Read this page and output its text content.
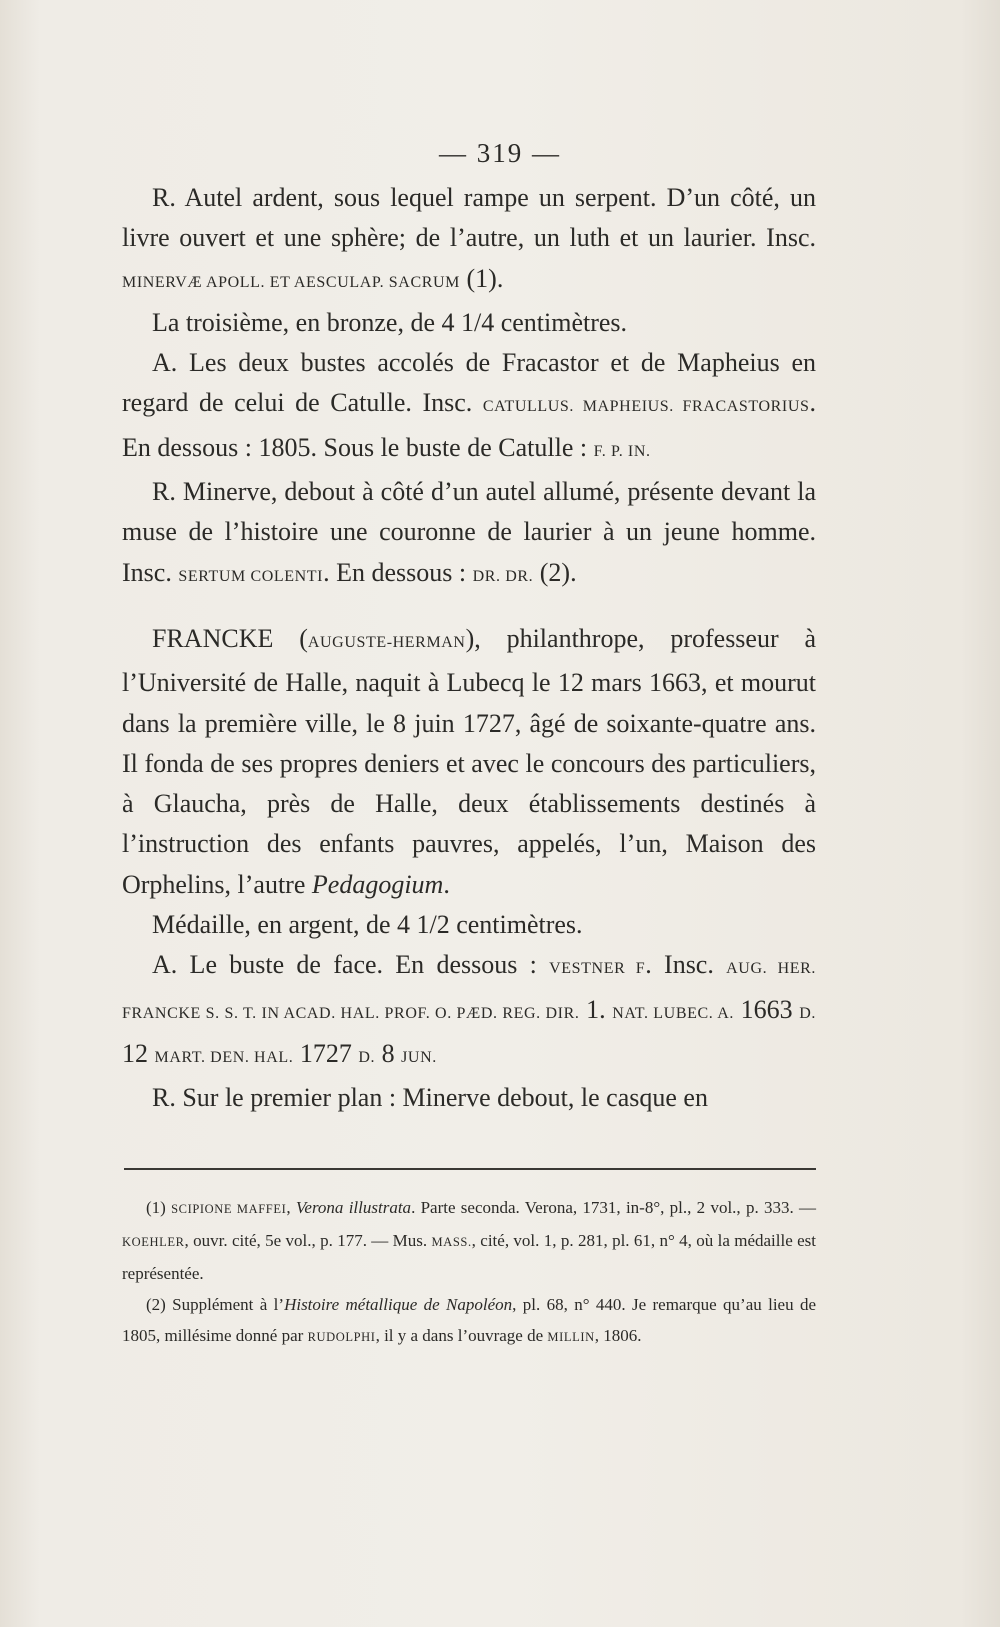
— 319 —

R. Autel ardent, sous lequel rampe un serpent. D’un côté, un livre ouvert et une sphère; de l’autre, un luth et un laurier. Insc. MINERVÆ APOLL. ET AESCULAP. SACRUM (1).

La troisième, en bronze, de 4 1/4 centimètres.

A. Les deux bustes accolés de Fracastor et de Mapheius en regard de celui de Catulle. Insc. CATULLUS. MAPHEIUS. FRACASTORIUS. En dessous : 1805. Sous le buste de Catulle : F. P. IN.

R. Minerve, debout à côté d’un autel allumé, présente devant la muse de l’histoire une couronne de laurier à un jeune homme. Insc. SERTUM COLENTI. En dessous : DR. DR. (2).

FRANCKE (AUGUSTE-HERMAN), philanthrope, professeur à l’Université de Halle, naquit à Lubecq le 12 mars 1663, et mourut dans la première ville, le 8 juin 1727, âgé de soixante-quatre ans. Il fonda de ses propres deniers et avec le concours des particuliers, à Glaucha, près de Halle, deux établissements destinés à l’instruction des enfants pauvres, appelés, l’un, Maison des Orphelins, l’autre Pedagogium.

Médaille, en argent, de 4 1/2 centimètres.

A. Le buste de face. En dessous : VESTNER F. Insc. AUG. HER. FRANCKE S. S. T. IN ACAD. HAL. PROF. O. PÆD. REG. DIR. 1. NAT. LUBEC. A. 1663 D. 12 MART. DEN. HAL. 1727 D. 8 JUN.

R. Sur le premier plan : Minerve debout, le casque en

(1) SCIPIONE MAFFEI, Verona illustrata. Parte seconda. Verona, 1731, in-8°, pl., 2 vol., p. 333. — KOEHLER, ouvr. cité, 5e vol., p. 177. — Mus. MASS., cité, vol. 1, p. 281, pl. 61, n° 4, où la médaille est représentée.

(2) Supplément à l’Histoire métallique de Napoléon, pl. 68, n° 440. Je remarque qu’au lieu de 1805, millésime donné par RUDOLPHI, il y a dans l’ouvrage de MILLIN, 1806.
